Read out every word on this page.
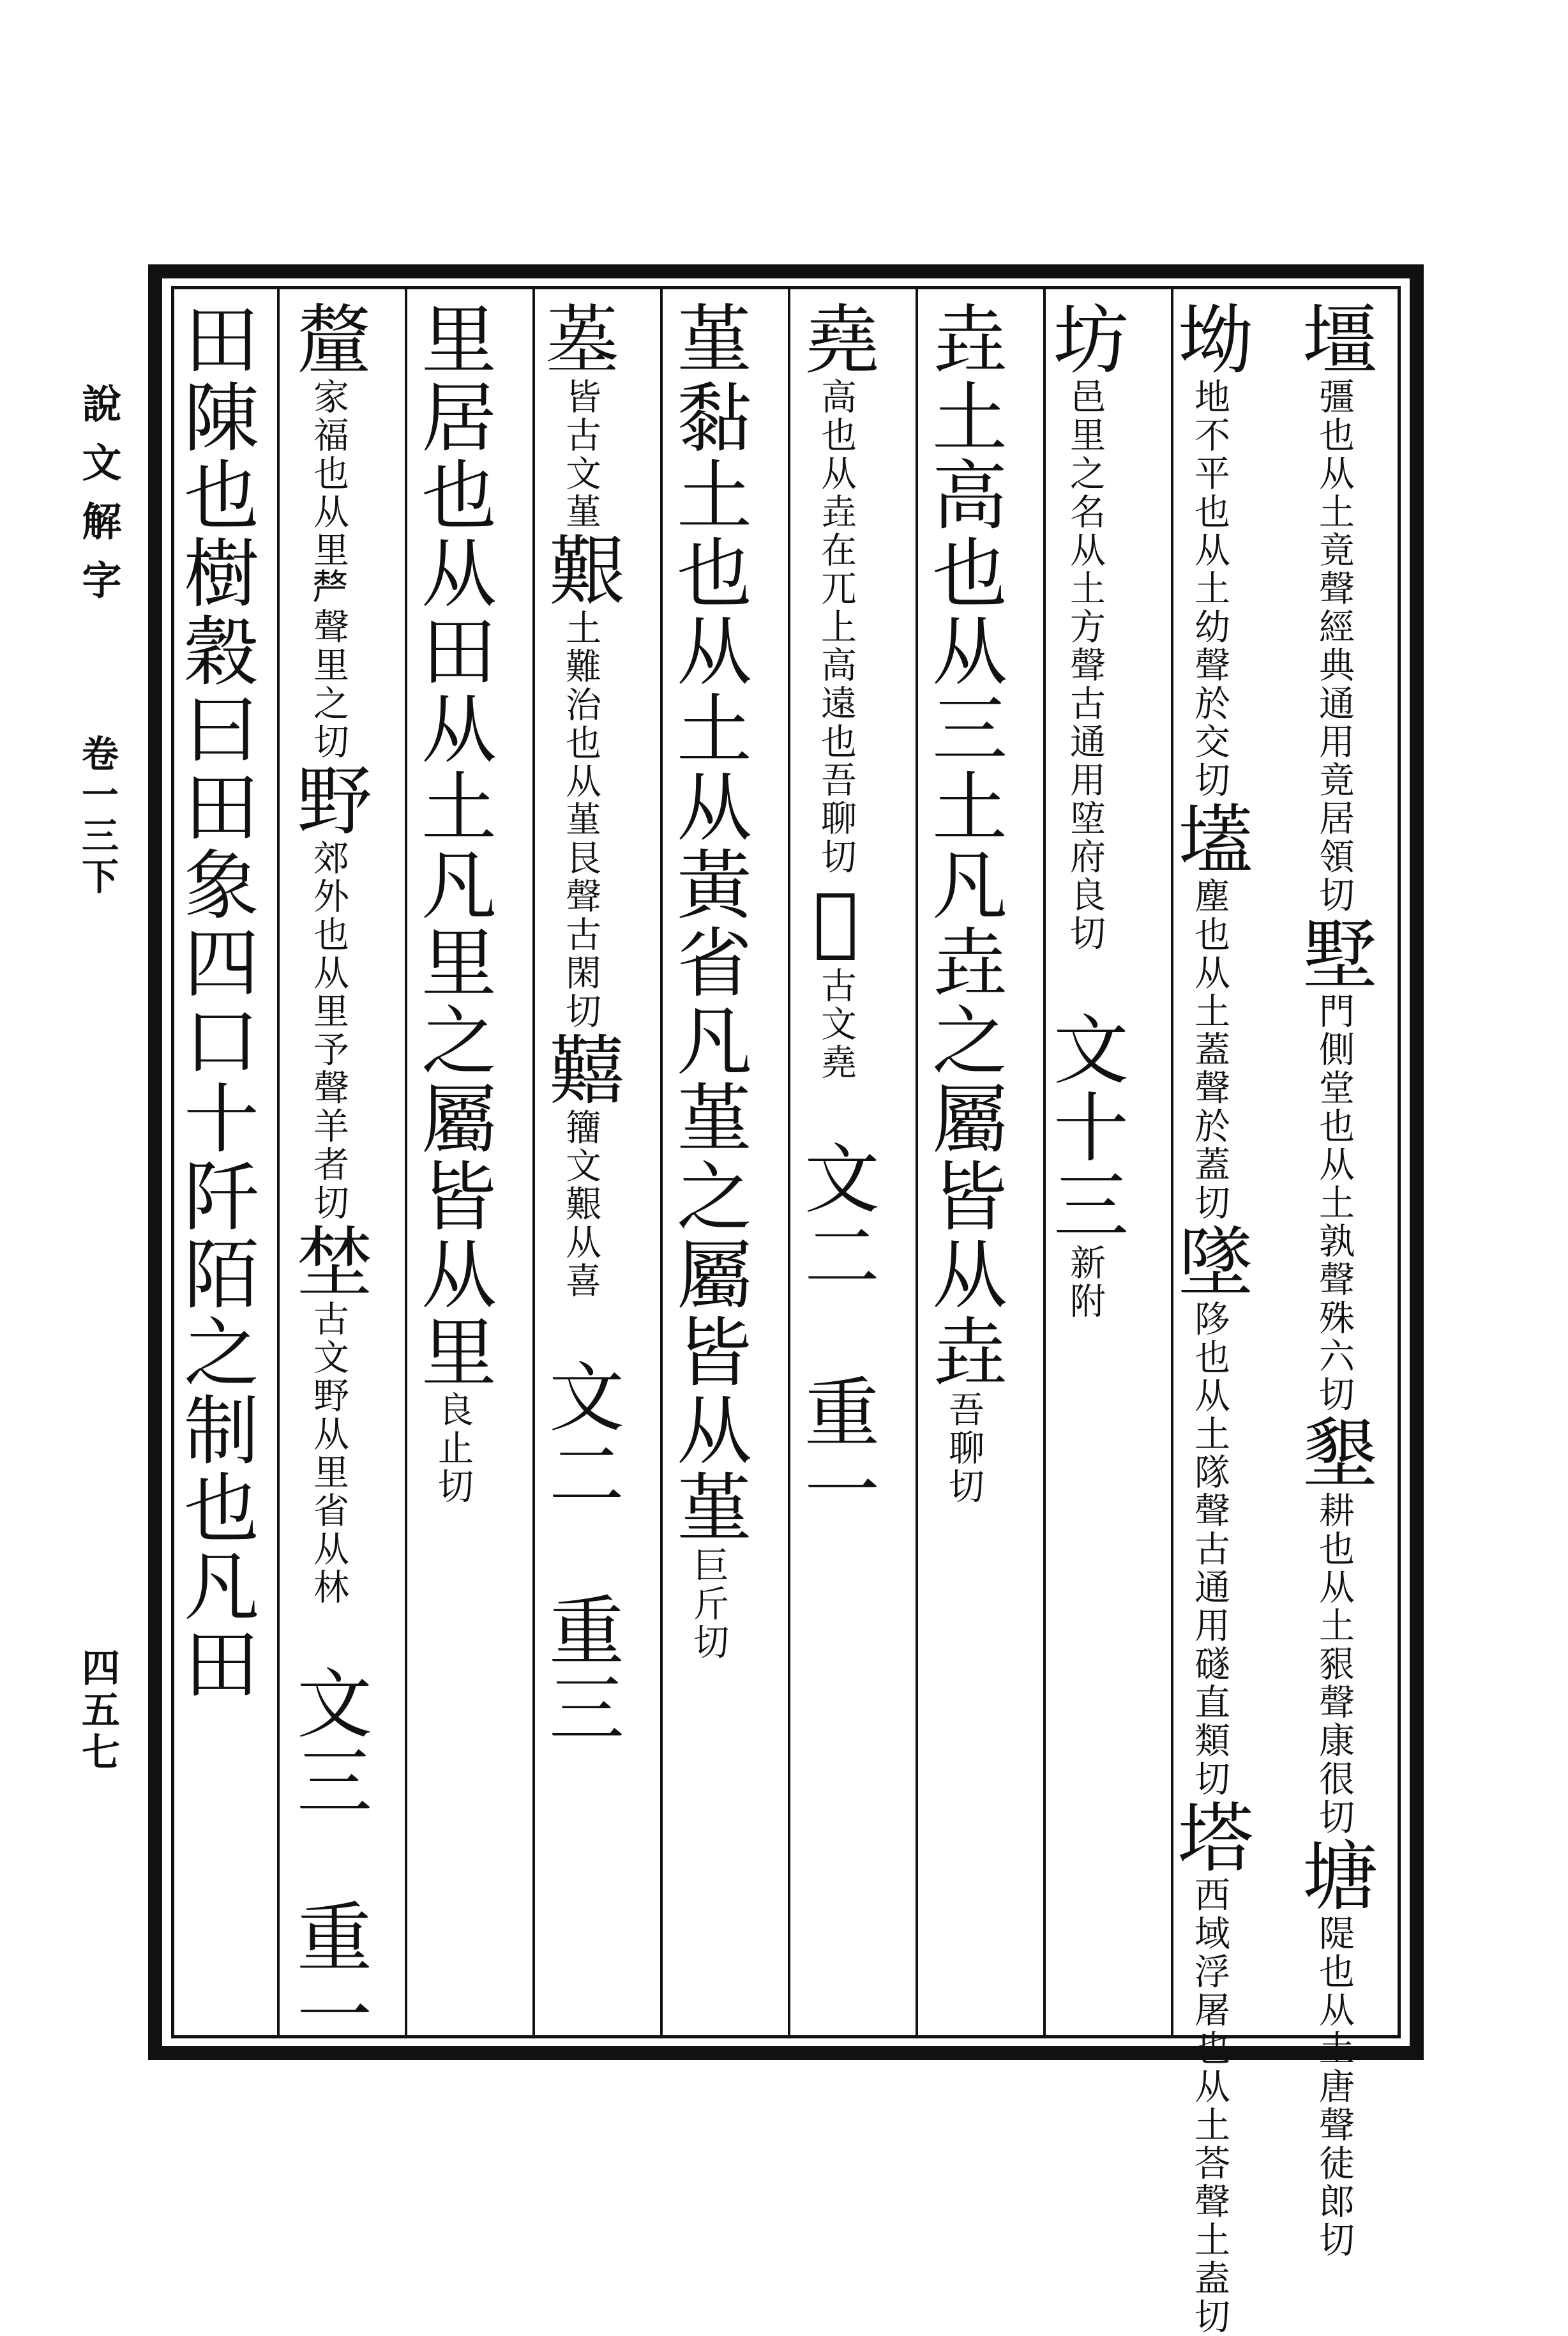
說文解字
卷一三下
四五七
壃彊也从土竟聲經典通用竟居領切墅門側堂也从土孰聲殊六切墾耕也从土豤聲康很切塘隄也从土唐聲徒郎切
坳地不平也从土幼聲於交切壒塵也从土蓋聲於蓋切墜陊也从土隊聲古通用礈直類切塔西域浮屠也从土荅聲土盍切
坊邑里之名从土方聲古通用埅府良切文十三新附
垚土高也从三土凡垚之屬皆从垚吾聊切
堯高也从垚在兀上高遠也吾聊切𡋈古文堯文二　重一
堇黏土也从土从黃省凡堇之屬皆从堇巨斤切
𡎸皆古文堇艱土難治也从堇艮聲古閑切囏籒文艱从喜文二　重三
里居也从田从土凡里之屬皆从里良止切
釐家福也从里𠩺聲里之切野郊外也从里予聲羊者切埜古文野从里省从林文三　重一
田陳也樹穀曰田象四口十阡陌之制也凡田
